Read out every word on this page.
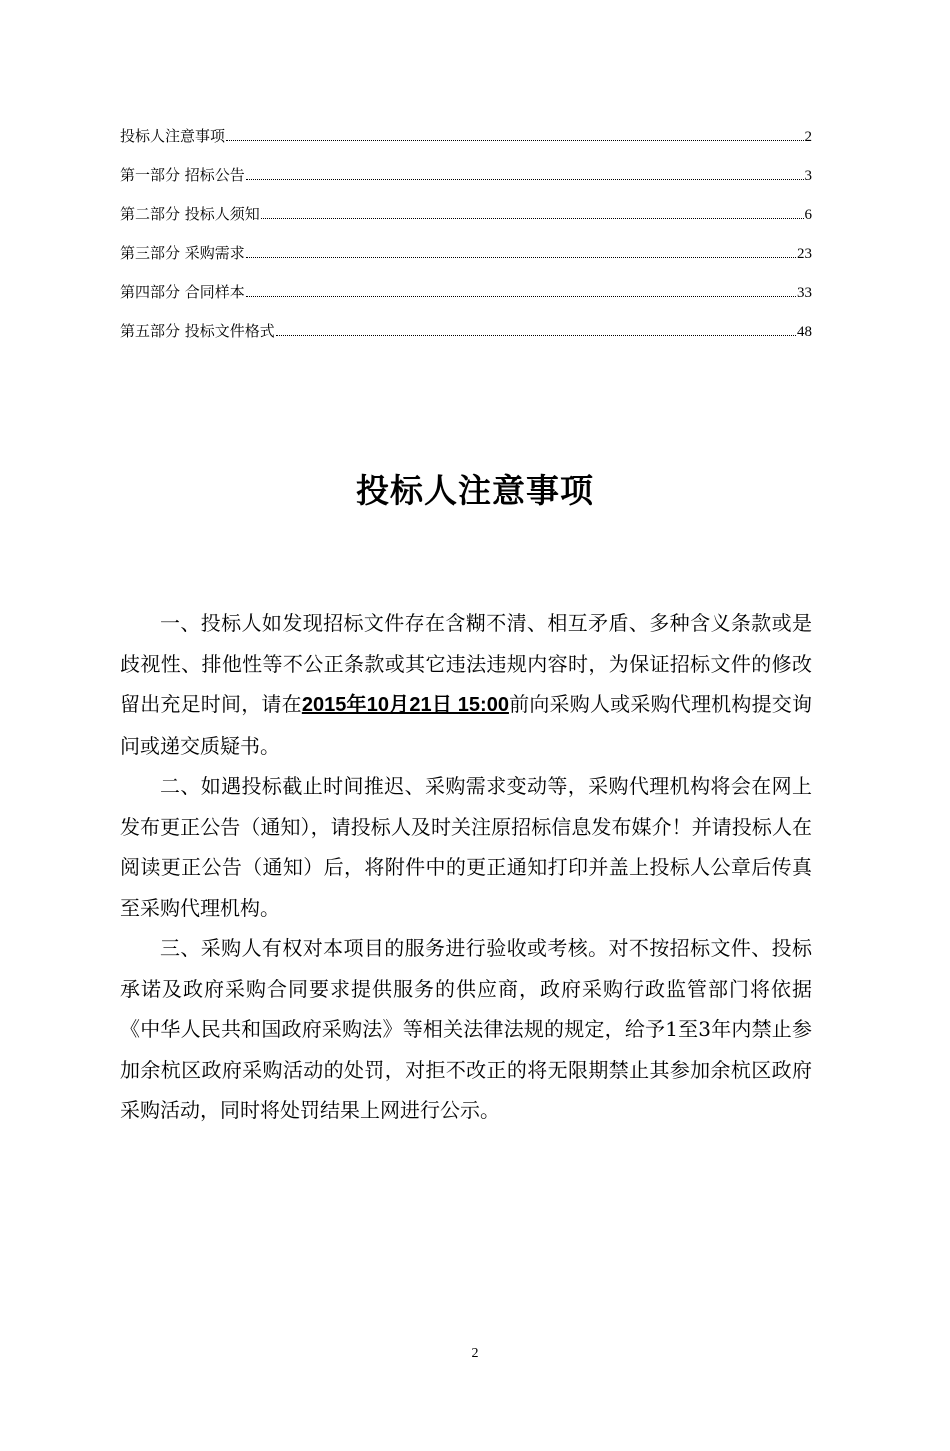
投标人注意事项	2
第一部分 招标公告	3
第二部分 投标人须知	6
第三部分 采购需求	23
第四部分 合同样本	33
第五部分 投标文件格式	48
投标人注意事项

一、投标人如发现招标文件存在含糊不清、相互矛盾、多种含义条款或是歧视性、排他性等不公正条款或其它违法违规内容时，为保证招标文件的修改留出充足时间，请在2015年10月21日 15:00前向采购人或采购代理机构提交询问或递交质疑书。

二、如遇投标截止时间推迟、采购需求变动等，采购代理机构将会在网上发布更正公告（通知），请投标人及时关注原招标信息发布媒介！并请投标人在阅读更正公告（通知）后，将附件中的更正通知打印并盖上投标人公章后传真至采购代理机构。

三、采购人有权对本项目的服务进行验收或考核。对不按招标文件、投标承诺及政府采购合同要求提供服务的供应商，政府采购行政监管部门将依据《中华人民共和国政府采购法》等相关法律法规的规定，给予1至3年内禁止参加余杭区政府采购活动的处罚，对拒不改正的将无限期禁止其参加余杭区政府采购活动，同时将处罚结果上网进行公示。

2
